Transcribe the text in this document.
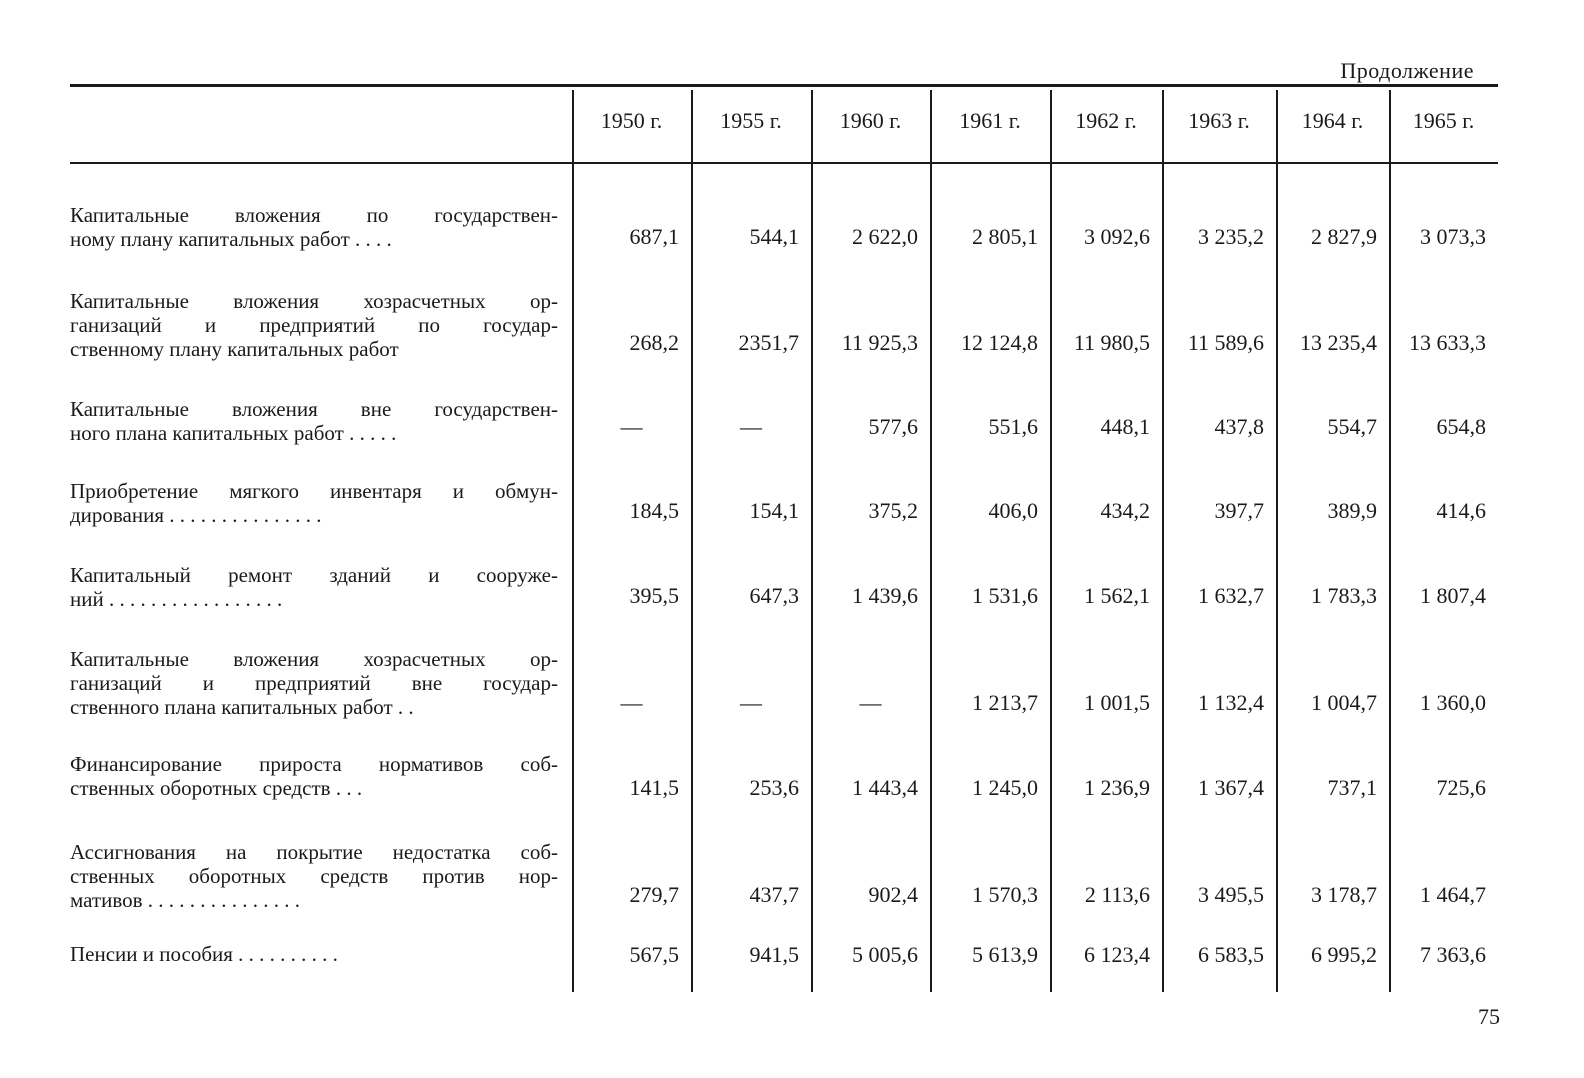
Продолжение
1950 г.	1955 г.	1960 г.	1961 г.	1962 г.	1963 г.	1964 г.	1965 г.
Капитальные вложения по государствен-
ному плану капитальных работ . . . .	687,1	544,1	2 622,0	2 805,1	3 092,6	3 235,2	2 827,9	3 073,3
Капитальные вложения хозрасчетных ор-
ганизаций и предприятий по государ-
ственному плану капитальных работ	268,2	2351,7	11 925,3	12 124,8	11 980,5	11 589,6	13 235,4	13 633,3
Капитальные вложения вне государствен-
ного плана капитальных работ . . . . .	—	—	577,6	551,6	448,1	437,8	554,7	654,8
Приобретение мягкого инвентаря и обмун-
дирования . . . . . . . . . . . . . . .	184,5	154,1	375,2	406,0	434,2	397,7	389,9	414,6
Капитальный ремонт зданий и сооруже-
ний . . . . . . . . . . . . . . . . .	395,5	647,3	1 439,6	1 531,6	1 562,1	1 632,7	1 783,3	1 807,4
Капитальные вложения хозрасчетных ор-
ганизаций и предприятий вне государ-
ственного плана капитальных работ . .	—	—	—	1 213,7	1 001,5	1 132,4	1 004,7	1 360,0
Финансирование прироста нормативов соб-
ственных оборотных средств . . .	141,5	253,6	1 443,4	1 245,0	1 236,9	1 367,4	737,1	725,6
Ассигнования на покрытие недостатка соб-
ственных оборотных средств против нор-
мативов . . . . . . . . . . . . . . .	279,7	437,7	902,4	1 570,3	2 113,6	3 495,5	3 178,7	1 464,7
Пенсии и пособия . . . . . . . . . .	567,5	941,5	5 005,6	5 613,9	6 123,4	6 583,5	6 995,2	7 363,6
75
